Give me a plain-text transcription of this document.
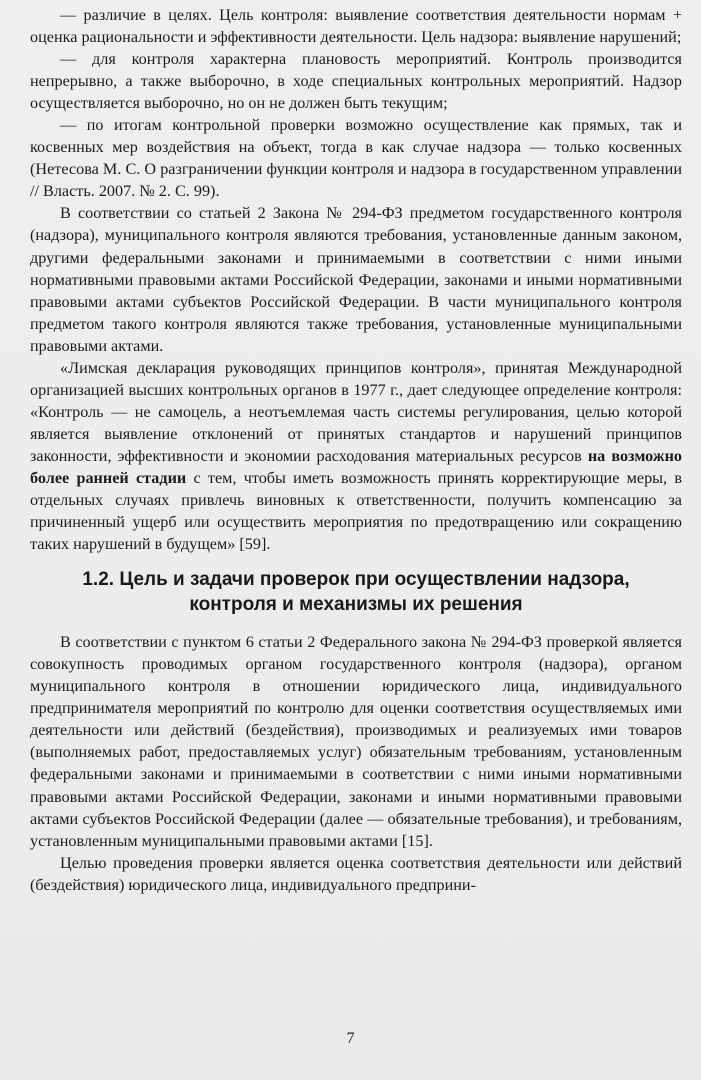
— различие в целях. Цель контроля: выявление соответствия деятельности нормам + оценка рациональности и эффективности деятельности. Цель надзора: выявление нарушений;

— для контроля характерна плановость мероприятий. Контроль производится непрерывно, а также выборочно, в ходе специальных контрольных мероприятий. Надзор осуществляется выборочно, но он не должен быть текущим;

— по итогам контрольной проверки возможно осуществление как прямых, так и косвенных мер воздействия на объект, тогда в как случае надзора — только косвенных (Нетесова М. С. О разграничении функции контроля и надзора в государственном управлении // Власть. 2007. № 2. С. 99).

В соответствии со статьей 2 Закона № 294-ФЗ предметом государственного контроля (надзора), муниципального контроля являются требования, установленные данным законом, другими федеральными законами и принимаемыми в соответствии с ними иными нормативными правовыми актами Российской Федерации, законами и иными нормативными правовыми актами субъектов Российской Федерации. В части муниципального контроля предметом такого контроля являются также требования, установленные муниципальными правовыми актами.

«Лимская декларация руководящих принципов контроля», принятая Международной организацией высших контрольных органов в 1977 г., дает следующее определение контроля: «Контроль — не самоцель, а неотъемлемая часть системы регулирования, целью которой является выявление отклонений от принятых стандартов и нарушений принципов законности, эффективности и экономии расходования материальных ресурсов на возможно более ранней стадии с тем, чтобы иметь возможность принять корректирующие меры, в отдельных случаях привлечь виновных к ответственности, получить компенсацию за причиненный ущерб или осуществить мероприятия по предотвращению или сокращению таких нарушений в будущем» [59].

1.2. Цель и задачи проверок при осуществлении надзора,
контроля и механизмы их решения

В соответствии с пунктом 6 статьи 2 Федерального закона № 294-ФЗ проверкой является совокупность проводимых органом государственного контроля (надзора), органом муниципального контроля в отношении юридического лица, индивидуального предпринимателя мероприятий по контролю для оценки соответствия осуществляемых ими деятельности или действий (бездействия), производимых и реализуемых ими товаров (выполняемых работ, предоставляемых услуг) обязательным требованиям, установленным федеральными законами и принимаемыми в соответствии с ними иными нормативными правовыми актами Российской Федерации, законами и иными нормативными правовыми актами субъектов Российской Федерации (далее — обязательные требования), и требованиям, установленным муниципальными правовыми актами [15].

Целью проведения проверки является оценка соответствия деятельности или действий (бездействия) юридического лица, индивидуального предприни-

7
